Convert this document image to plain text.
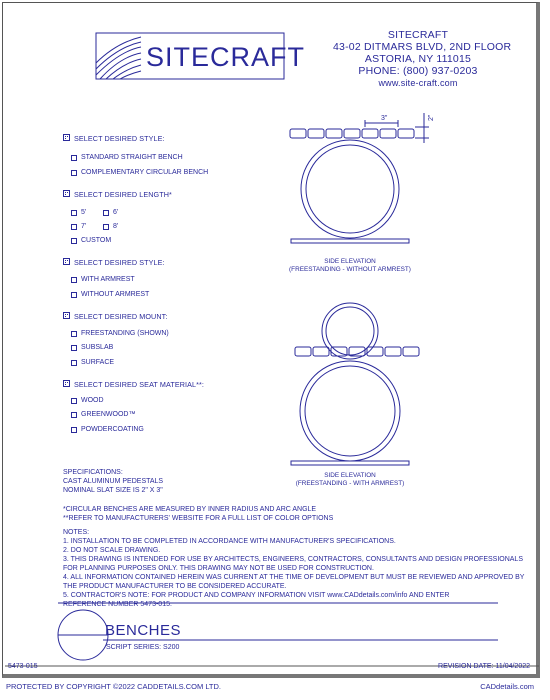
SITECRAFT
SITECRAFT
43-02 DITMARS BLVD, 2ND FLOOR
ASTORIA, NY 111015
PHONE: (800) 937-0203
www.site-craft.com
SELECT DESIRED STYLE:
STANDARD STRAIGHT BENCH
COMPLEMENTARY CIRCULAR BENCH
SELECT DESIRED LENGTH*
5'	6'
7'	8'
CUSTOM
SELECT DESIRED STYLE:
WITH ARMREST
WITHOUT ARMREST
SELECT DESIRED MOUNT:
FREESTANDING (SHOWN)
SUBSLAB
SURFACE
SELECT DESIRED SEAT MATERIAL**:
WOOD
GREENWOOD™
POWDERCOATING
SPECIFICATIONS:
CAST ALUMINUM PEDESTALS
NOMINAL SLAT SIZE IS 2" X 3"
*CIRCULAR BENCHES ARE MEASURED BY INNER RADIUS AND ARC ANGLE
**REFER TO MANUFACTURERS' WEBSITE FOR A FULL LIST OF COLOR OPTIONS
NOTES:
1. INSTALLATION TO BE COMPLETED IN ACCORDANCE WITH MANUFACTURER'S SPECIFICATIONS.
2. DO NOT SCALE DRAWING.
3. THIS DRAWING IS INTENDED FOR USE BY ARCHITECTS, ENGINEERS, CONTRACTORS, CONSULTANTS AND DESIGN PROFESSIONALS
FOR PLANNING PURPOSES ONLY. THIS DRAWING MAY NOT BE USED FOR CONSTRUCTION.
4. ALL INFORMATION CONTAINED HEREIN WAS CURRENT AT THE TIME OF DEVELOPMENT BUT MUST BE REVIEWED AND APPROVED BY
THE PRODUCT MANUFACTURER TO BE CONSIDERED ACCURATE.
5. CONTRACTOR'S NOTE: FOR PRODUCT AND COMPANY INFORMATION VISIT www.CADdetails.com/info AND ENTER
REFERENCE NUMBER 5473-015.
3"	2"
SIDE ELEVATION
(FREESTANDING - WITHOUT ARMREST)
SIDE ELEVATION
(FREESTANDING - WITH ARMREST)
BENCHES
SCRIPT SERIES: S200
5473-015	REVISION DATE: 11/04/2022
PROTECTED BY COPYRIGHT ©2022 CADDETAILS.COM LTD.	CADdetails.com
